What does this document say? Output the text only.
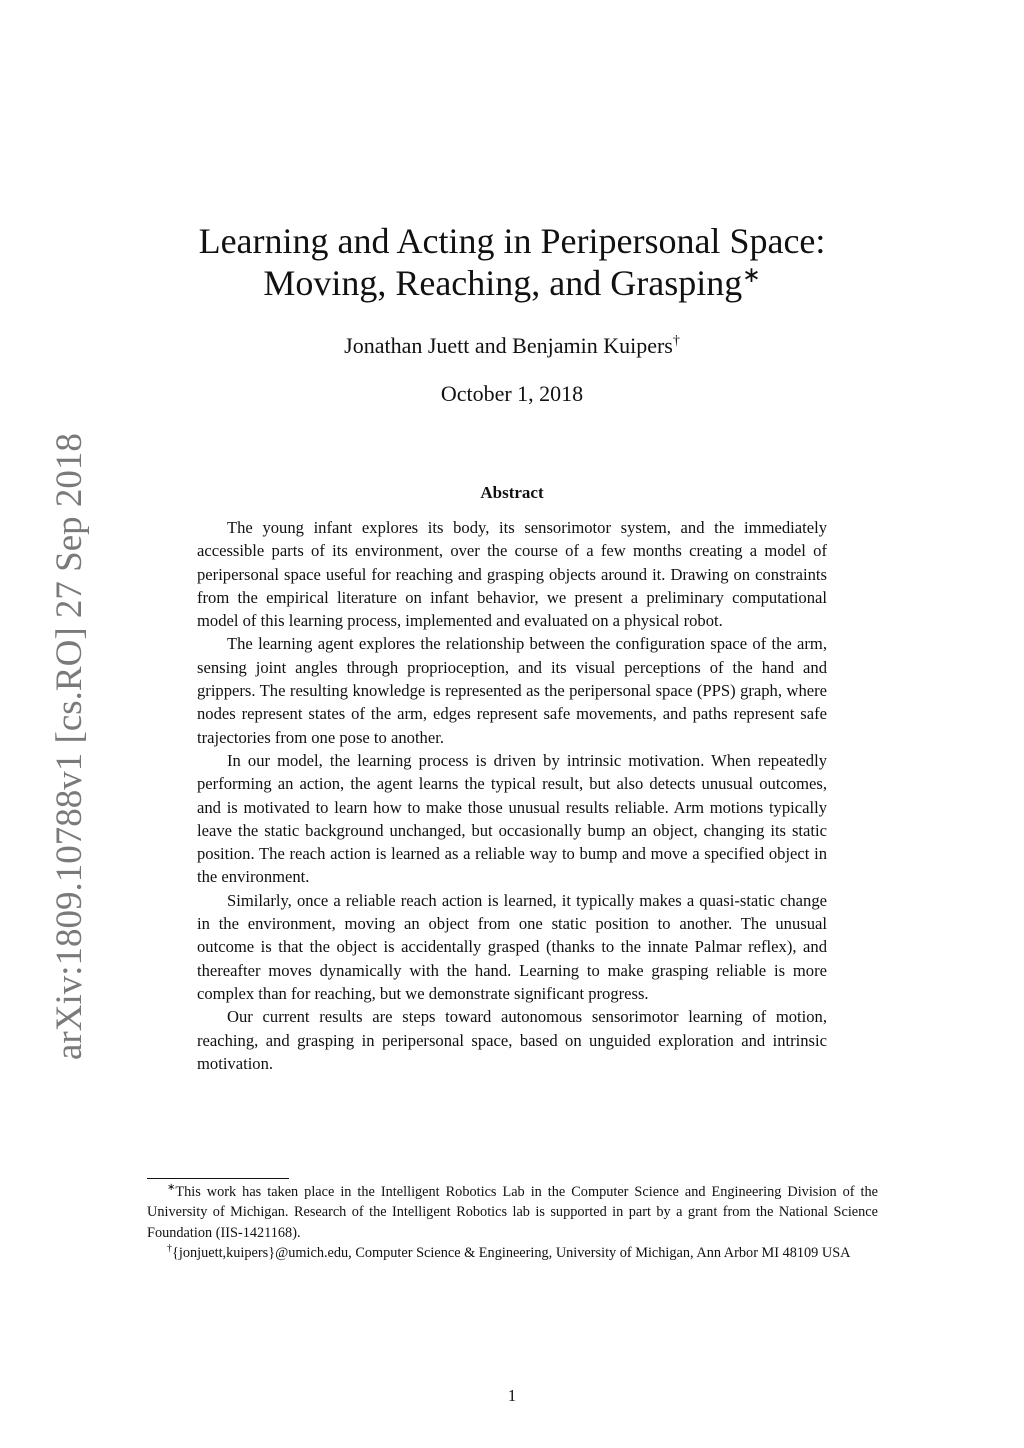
arXiv:1809.10788v1 [cs.RO] 27 Sep 2018
Learning and Acting in Peripersonal Space:
Moving, Reaching, and Grasping∗
Jonathan Juett and Benjamin Kuipers†
October 1, 2018
Abstract

The young infant explores its body, its sensorimotor system, and the immediately accessible parts of its environment, over the course of a few months creating a model of peripersonal space useful for reaching and grasping objects around it. Drawing on constraints from the empirical literature on infant behavior, we present a preliminary computational model of this learning process, implemented and evaluated on a physical robot.

The learning agent explores the relationship between the configuration space of the arm, sensing joint angles through proprioception, and its visual perceptions of the hand and grippers. The resulting knowledge is represented as the peripersonal space (PPS) graph, where nodes represent states of the arm, edges represent safe movements, and paths represent safe trajectories from one pose to another.

In our model, the learning process is driven by intrinsic motivation. When repeatedly performing an action, the agent learns the typical result, but also detects unusual outcomes, and is motivated to learn how to make those unusual results reliable. Arm motions typically leave the static background unchanged, but occasionally bump an object, changing its static position. The reach action is learned as a reliable way to bump and move a specified object in the environment.

Similarly, once a reliable reach action is learned, it typically makes a quasi-static change in the environment, moving an object from one static position to another. The unusual outcome is that the object is accidentally grasped (thanks to the innate Palmar reflex), and thereafter moves dynamically with the hand. Learning to make grasping reliable is more complex than for reaching, but we demonstrate significant progress.

Our current results are steps toward autonomous sensorimotor learning of motion, reaching, and grasping in peripersonal space, based on unguided exploration and intrinsic motivation.

∗This work has taken place in the Intelligent Robotics Lab in the Computer Science and Engineering Division of the University of Michigan. Research of the Intelligent Robotics lab is supported in part by a grant from the National Science Foundation (IIS-1421168).

†{jonjuett,kuipers}@umich.edu, Computer Science & Engineering, University of Michigan, Ann Arbor MI 48109 USA

1
